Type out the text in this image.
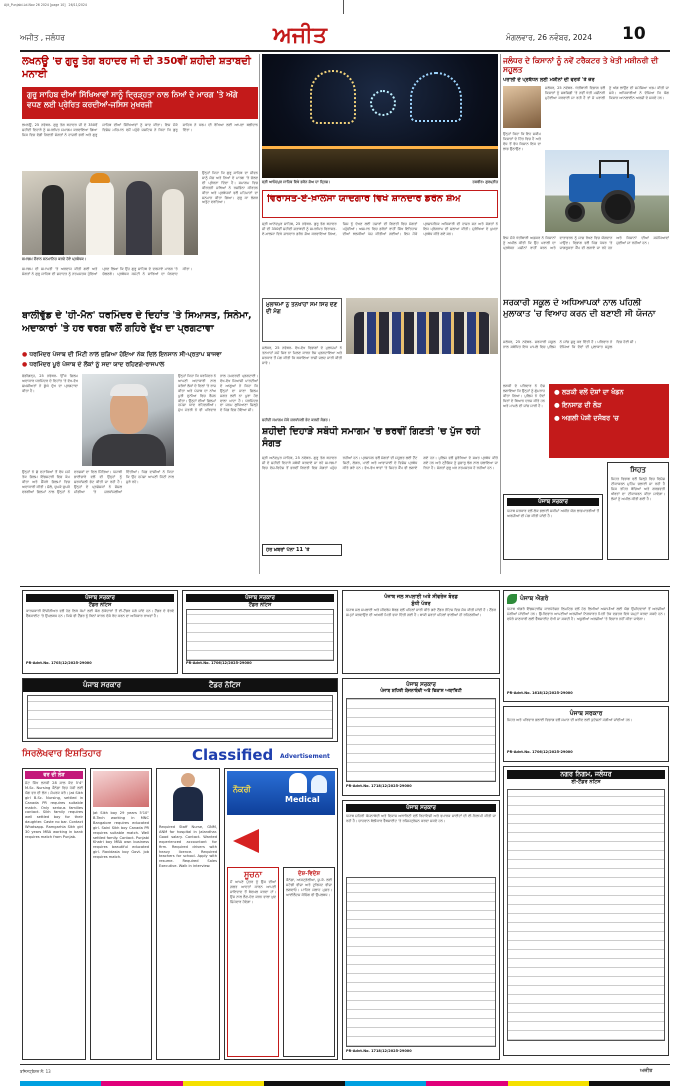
Ajit_Punjabi-Ld-Nov 26 2024 [page 10] 26/11/2024
ਅਜੀਤ , ਜਲੰਧਰ	ਅਜੀਤ	ਮੰਗਲਵਾਰ, 26 ਨਵੰਬਰ, 2024 10
ਲਖਨਊ 'ਚ ਗੁਰੂ ਤੇਗ ਬਹਾਦਰ ਜੀ ਦੀ 350ਵੀਂ ਸ਼ਹੀਦੀ ਸ਼ਤਾਬਦੀ ਮਨਾਈ
ਗੁਰੂ ਸਾਹਿਬ ਦੀਆਂ ਸਿੱਖਿਆਵਾਂ ਸਾਨੂੰ ਦ੍ਰਿੜ੍ਹਤਾ ਨਾਲ ਨਿਆਂ ਦੇ ਮਾਰਗ 'ਤੇ ਅੱਗੇ ਵਧਣ ਲਈ ਪ੍ਰੇਰਿਤ ਕਰਦੀਆਂ-ਜਸਿਸ ਮੁਖਰਜੀ
ਲਖਨਊ, 25 ਨਵੰਬਰ- ਗੁਰੂ ਤੇਗ ਬਹਾਦਰ ਜੀ ਦੇ 350ਵੇਂ ਸ਼ਹੀਦੀ ਦਿਹਾੜੇ ਨੂੰ ਸਮਰਪਿਤ ਸਮਾਗਮ ਕਰਵਾਇਆ ਗਿਆ ਜਿਸ ਵਿਚ ਵੱਡੀ ਗਿਣਤੀ ਸੰਗਤਾਂ ਨੇ ਹਾਜ਼ਰੀ ਭਰੀ ਅਤੇ ਗੁਰੂ ਸਾਹਿਬ ਦੀਆਂ ਸਿੱਖਿਆਵਾਂ ਨੂੰ ਯਾਦ ਕੀਤਾ। ਇਸ ਮੌਕੇ ਵਿਸ਼ੇਸ਼ ਮਹਿਮਾਨ ਵਜੋਂ ਪਹੁੰਚੇ ਜਸਟਿਸ ਨੇ ਕਿਹਾ ਕਿ ਗੁਰੂ ਸਾਹਿਬ ਨੇ ਧਰਮ ਦੀ ਰੱਖਿਆ ਲਈ ਆਪਣਾ ਬਲੀਦਾਨ ਦਿੱਤਾ।
ਉਨ੍ਹਾਂ ਕਿਹਾ ਕਿ ਗੁਰੂ ਸਾਹਿਬ ਦਾ ਜੀਵਨ ਸਾਨੂੰ ਸੱਚ ਅਤੇ ਨਿਆਂ ਦੇ ਮਾਰਗ 'ਤੇ ਚੱਲਣ ਦੀ ਪ੍ਰੇਰਨਾ ਦਿੰਦਾ ਹੈ। ਸਮਾਗਮ ਵਿਚ ਕੀਰਤਨੀ ਜਥਿਆਂ ਨੇ ਰਸਭਿੰਨਾ ਕੀਰਤਨ ਕੀਤਾ ਅਤੇ ਪ੍ਰਬੰਧਕਾਂ ਵਲੋਂ ਮਹਿਮਾਨਾਂ ਦਾ ਸਨਮਾਨ ਕੀਤਾ ਗਿਆ। ਗੁਰੂ ਕਾ ਲੰਗਰ ਅਤੁੱਟ ਵਰਤਿਆ।
ਸਮਾਗਮ ਦੌਰਾਨ ਸਨਮਾਨਿਤ ਕਰਦੇ ਹੋਏ ਪ੍ਰਬੰਧਕ।
ਸਮਾਗਮ ਦੀ ਸਮਾਪਤੀ 'ਤੇ ਅਰਦਾਸ ਕੀਤੀ ਗਈ ਅਤੇ ਸੰਗਤਾਂ ਨੇ ਗੁਰੂ ਸਾਹਿਬ ਦੀ ਸ਼ਹਾਦਤ ਨੂੰ ਨਤਮਸਤਕ ਹੁੰਦਿਆਂ ਪ੍ਰਣ ਲਿਆ ਕਿ ਉਹ ਗੁਰੂ ਸਾਹਿਬ ਦੇ ਦਰਸਾਏ ਮਾਰਗ 'ਤੇ ਚੱਲਣਗੇ। ਪ੍ਰਬੰਧਕ ਕਮੇਟੀ ਨੇ ਸਾਰਿਆਂ ਦਾ ਧੰਨਵਾਦ ਕੀਤਾ।
ਸ੍ਰੀ ਆਨੰਦਪੁਰ ਸਾਹਿਬ ਵਿਖੇ ਡਰੋਨ ਸ਼ੋਅ ਦਾ ਦ੍ਰਿਸ਼।	ਤਸਵੀਰ: ਗੁਰਪ੍ਰੀਤ
ਵਿਰਾਸਤ-ਏ-ਖ਼ਾਲਸਾ ਯਾਦਗਾਰ ਵਿਖੇ ਸ਼ਾਨਦਾਰ ਡਰੋਨ ਸ਼ੋਅ
ਸ੍ਰੀ ਆਨੰਦਪੁਰ ਸਾਹਿਬ, 25 ਨਵੰਬਰ- ਗੁਰੂ ਤੇਗ ਬਹਾਦਰ ਜੀ ਦੀ 350ਵੀਂ ਸ਼ਹੀਦੀ ਸ਼ਤਾਬਦੀ ਨੂੰ ਸਮਰਪਿਤ ਵਿਰਾਸਤ-ਏ-ਖ਼ਾਲਸਾ ਵਿਖੇ ਸ਼ਾਨਦਾਰ ਡਰੋਨ ਸ਼ੋਅ ਕਰਵਾਇਆ ਗਿਆ, ਜਿਸ ਨੂੰ ਦੇਖਣ ਲਈ ਹਜ਼ਾਰਾਂ ਦੀ ਗਿਣਤੀ ਵਿਚ ਸੰਗਤਾਂ ਪਹੁੰਚੀਆਂ। ਅਸਮਾਨ ਵਿਚ ਡਰੋਨਾਂ ਰਾਹੀਂ ਸਿੱਖ ਇਤਿਹਾਸ ਦੀਆਂ ਝਲਕੀਆਂ ਪੇਸ਼ ਕੀਤੀਆਂ ਗਈਆਂ। ਇਸ ਮੌਕੇ ਪ੍ਰਸ਼ਾਸਨਿਕ ਅਧਿਕਾਰੀ ਵੀ ਹਾਜ਼ਰ ਸਨ ਅਤੇ ਸੰਗਤਾਂ ਨੇ ਇਸ ਪ੍ਰੋਗਰਾਮ ਦੀ ਸ਼ਲਾਘਾ ਕੀਤੀ। ਸੁਰੱਖਿਆ ਦੇ ਪੁਖ਼ਤਾ ਪ੍ਰਬੰਧ ਕੀਤੇ ਗਏ ਸਨ।
ਜਲੰਧਰ ਦੇ ਕਿਸਾਨਾਂ ਨੂੰ ਨਵੇਂ ਟਰੈਕਟਰ ਤੇ ਖੇਤੀ ਮਸ਼ੀਨਰੀ ਦੀ ਸਹੂਲਤ
ਪਰਾਲੀ ਦੇ ਪ੍ਰਬੰਧਨ ਲਈ ਮਸ਼ੀਨਾਂ ਦੀ ਵਰਤੋਂ 'ਤੇ ਜ਼ੋਰ
ਜਲੰਧਰ, 25 ਨਵੰਬਰ- ਖੇਤੀਬਾੜੀ ਵਿਭਾਗ ਵਲੋਂ ਕਿਸਾਨਾਂ ਨੂੰ ਸਬਸਿਡੀ 'ਤੇ ਨਵੀਂ ਖੇਤੀ ਮਸ਼ੀਨਰੀ ਮੁਹੱਈਆ ਕਰਵਾਈ ਜਾ ਰਹੀ ਹੈ ਤਾਂ ਜੋ ਪਰਾਲੀ ਨੂੰ ਅੱਗ ਲਾਉਣ ਦੀ ਸਮੱਸਿਆ ਖਤਮ ਕੀਤੀ ਜਾ ਸਕੇ। ਅਧਿਕਾਰੀਆਂ ਨੇ ਦੱਸਿਆ ਕਿ ਯੋਗ ਕਿਸਾਨ ਆਨਲਾਈਨ ਅਰਜ਼ੀ ਦੇ ਸਕਦੇ ਹਨ।
ਉਨ੍ਹਾਂ ਕਿਹਾ ਕਿ ਇਹ ਸਕੀਮ ਕਿਸਾਨਾਂ ਦੇ ਹਿੱਤ ਵਿਚ ਹੈ ਅਤੇ ਵੱਧ ਤੋਂ ਵੱਧ ਕਿਸਾਨ ਇਸ ਦਾ ਲਾਭ ਉਠਾਉਣ।
ਇਸ ਮੌਕੇ ਖੇਤੀਬਾੜੀ ਅਫ਼ਸਰ ਨੇ ਕਿਸਾਨਾਂ ਨੂੰ ਅਪੀਲ ਕੀਤੀ ਕਿ ਉਹ ਪਰਾਲੀ ਦਾ ਪ੍ਰਬੰਧਨ ਮਸ਼ੀਨਾਂ ਰਾਹੀਂ ਕਰਨ ਅਤੇ ਵਾਤਾਵਰਨ ਨੂੰ ਸਾਫ਼ ਰੱਖਣ ਵਿਚ ਯੋਗਦਾਨ ਪਾਉਣ। ਵਿਭਾਗ ਵਲੋਂ ਪਿੰਡ ਪੱਧਰ 'ਤੇ ਜਾਗਰੂਕਤਾ ਕੈਂਪ ਵੀ ਲਗਾਏ ਜਾ ਰਹੇ ਹਨ ਅਤੇ ਕਿਸਾਨਾਂ ਦੀਆਂ ਸਮੱਸਿਆਵਾਂ ਸੁਣੀਆਂ ਜਾ ਰਹੀਆਂ ਹਨ।
ਬਾਲੀਵੁੱਡ ਦੇ 'ਹੀ-ਮੈਨ' ਧਰਮਿੰਦਰ ਦੇ ਦਿਹਾਂਤ 'ਤੇ ਸਿਆਸਤ, ਸਿਨੇਮਾ, ਅਦਾਕਾਰਾਂ 'ਤੇ ਹਰ ਵਰਗ ਵਲੋਂ ਗਹਿਰੇ ਦੁੱਖ ਦਾ ਪ੍ਰਗਟਾਵਾ
● ਧਰਮਿੰਦਰ ਪੰਜਾਬ ਦੀ ਮਿੱਟੀ ਨਾਲ ਜੁੜਿਆ ਹੋਇਆ ਨੇਕ ਦਿਲ ਇਨਸਾਨ ਸੀ-ਪ੍ਰਤਾਪ ਬਾਜਵਾ
● ਧਰਮਿੰਦਰ ਪੂਰੇ ਪੰਜਾਬ ਦੇ ਲੋਕਾਂ ਨੂੰ ਸਦਾ ਯਾਦ ਰਹਿਣਗੇ-ਰਾਜਪਾਲ
ਚੰਡੀਗੜ੍ਹ, 25 ਨਵੰਬਰ- ਉੱਘੇ ਫ਼ਿਲਮ ਅਦਾਕਾਰ ਧਰਮਿੰਦਰ ਦੇ ਦਿਹਾਂਤ 'ਤੇ ਵੱਖ-ਵੱਖ ਸ਼ਖ਼ਸੀਅਤਾਂ ਨੇ ਡੂੰਘੇ ਦੁੱਖ ਦਾ ਪ੍ਰਗਟਾਵਾ ਕੀਤਾ ਹੈ।
ਉਨ੍ਹਾਂ ਕਿਹਾ ਕਿ ਧਰਮਿੰਦਰ ਨੇ ਆਪਣੀ ਅਦਾਕਾਰੀ ਨਾਲ ਕਰੋੜਾਂ ਲੋਕਾਂ ਦੇ ਦਿਲਾਂ 'ਤੇ ਰਾਜ ਕੀਤਾ ਅਤੇ ਪੰਜਾਬ ਦਾ ਨਾਂਅ ਪੂਰੀ ਦੁਨੀਆ ਵਿਚ ਰੌਸ਼ਨ ਕੀਤਾ। ਉਨ੍ਹਾਂ ਦੀਆਂ ਫ਼ਿਲਮਾਂ ਹਮੇਸ਼ਾ ਯਾਦ ਰਹਿਣਗੀਆਂ। ਮੁੱਖ ਮੰਤਰੀ ਨੇ ਵੀ ਪਰਿਵਾਰ ਨਾਲ ਹਮਦਰਦੀ ਪ੍ਰਗਟਾਈ। ਵੱਖ-ਵੱਖ ਸਿਆਸੀ ਪਾਰਟੀਆਂ ਦੇ ਆਗੂਆਂ ਨੇ ਕਿਹਾ ਕਿ ਉਨ੍ਹਾਂ ਦਾ ਜਾਣਾ ਫ਼ਿਲਮ ਜਗਤ ਲਈ ਨਾ ਪੂਰਾ ਹੋਣ ਵਾਲਾ ਘਾਟਾ ਹੈ। ਧਰਮਿੰਦਰ ਦਾ ਜਨਮ ਲੁਧਿਆਣਾ ਜ਼ਿਲ੍ਹੇ ਦੇ ਪਿੰਡ ਵਿਚ ਹੋਇਆ ਸੀ।
ਉਨ੍ਹਾਂ ਨੇ ਛੇ ਦਹਾਕਿਆਂ ਤੋਂ ਵੱਧ ਸਮੇਂ ਤੱਕ ਫ਼ਿਲਮ ਇੰਡਸਟਰੀ ਵਿਚ ਕੰਮ ਕੀਤਾ ਅਤੇ ਸੈਂਕੜੇ ਫ਼ਿਲਮਾਂ ਵਿਚ ਅਦਾਕਾਰੀ ਕੀਤੀ। ਸ਼ੋਲੇ, ਚੁਪਕੇ ਚੁਪਕੇ ਵਰਗੀਆਂ ਫ਼ਿਲਮਾਂ ਨਾਲ ਉਨ੍ਹਾਂ ਨੇ ਦਰਸ਼ਕਾਂ ਦਾ ਦਿਲ ਜਿੱਤਿਆ। ਪੰਜਾਬੀ ਭਾਈਚਾਰੇ ਵਲੋਂ ਵੀ ਉਨ੍ਹਾਂ ਨੂੰ ਸ਼ਰਧਾਂਜਲੀ ਭੇਟ ਕੀਤੀ ਜਾ ਰਹੀ ਹੈ। ਉਨ੍ਹਾਂ ਦੇ ਪ੍ਰਸ਼ੰਸਕਾਂ ਨੇ ਸੋਸ਼ਲ ਮੀਡੀਆ 'ਤੇ ਸ਼ਰਧਾਂਜਲੀਆਂ ਦਿੱਤੀਆਂ। ਪਿੰਡ ਵਾਸੀਆਂ ਨੇ ਕਿਹਾ ਕਿ ਉਹ ਹਮੇਸ਼ਾ ਆਪਣੀ ਮਿੱਟੀ ਨਾਲ ਜੁੜੇ ਰਹੇ।
ਮੁਲਾਜ਼ਮਾਂ ਨੂੰ ਤਨਖਾਹਾਂ ਸਮੇਂ ਸਿਰ ਦੇਣ ਦੀ ਮੰਗ
ਜਲੰਧਰ, 25 ਨਵੰਬਰ- ਵੱਖ-ਵੱਖ ਵਿਭਾਗਾਂ ਦੇ ਮੁਲਾਜ਼ਮਾਂ ਨੇ ਤਨਖਾਹਾਂ ਸਮੇਂ ਸਿਰ ਨਾ ਮਿਲਣ ਕਾਰਨ ਰੋਸ ਪ੍ਰਗਟਾਇਆ ਅਤੇ ਸਰਕਾਰ ਤੋਂ ਮੰਗ ਕੀਤੀ ਕਿ ਬਕਾਇਆ ਰਾਸ਼ੀ ਜਲਦ ਜਾਰੀ ਕੀਤੀ ਜਾਵੇ।
ਸ਼ਹੀਦੀ ਸਮਾਗਮ ਮੌਕੇ ਸ਼ਰਧਾਂਜਲੀ ਭੇਟ ਕਰਦੀ ਸੰਗਤ।
ਸ਼ਹੀਦੀ ਦਿਹਾੜੇ ਸਬੰਧੀ ਸਮਾਗਮ 'ਚ ਭਰਵੀਂ ਗਿਣਤੀ 'ਚ ਪੁੱਜ ਰਹੀ ਸੰਗਤ
ਸ੍ਰੀ ਅਨੰਦਪੁਰ ਸਾਹਿਬ, 25 ਨਵੰਬਰ- ਗੁਰੂ ਤੇਗ ਬਹਾਦਰ ਜੀ ਦੇ ਸ਼ਹੀਦੀ ਦਿਹਾੜੇ ਸਬੰਧੀ ਕਰਵਾਏ ਜਾ ਰਹੇ ਸਮਾਗਮਾਂ ਵਿਚ ਦੇਸ਼-ਵਿਦੇਸ਼ ਤੋਂ ਭਰਵੀਂ ਗਿਣਤੀ ਵਿਚ ਸੰਗਤਾਂ ਪਹੁੰਚ ਰਹੀਆਂ ਹਨ। ਪ੍ਰਸ਼ਾਸਨ ਵਲੋਂ ਸੰਗਤਾਂ ਦੀ ਸਹੂਲਤ ਲਈ ਟੈਂਟ ਸਿਟੀ, ਲੰਗਰ, ਪਾਣੀ ਅਤੇ ਆਵਾਜਾਈ ਦੇ ਵਿਸ਼ੇਸ਼ ਪ੍ਰਬੰਧ ਕੀਤੇ ਗਏ ਹਨ। ਵੱਖ-ਵੱਖ ਥਾਵਾਂ 'ਤੇ ਸਿਹਤ ਕੈਂਪ ਵੀ ਲਗਾਏ ਗਏ ਹਨ। ਪੁਲਿਸ ਵਲੋਂ ਸੁਰੱਖਿਆ ਦੇ ਸਖ਼ਤ ਪ੍ਰਬੰਧ ਕੀਤੇ ਗਏ ਹਨ ਅਤੇ ਟ੍ਰੈਫ਼ਿਕ ਨੂੰ ਸੁਚਾਰੂ ਢੰਗ ਨਾਲ ਚਲਾਇਆ ਜਾ ਰਿਹਾ ਹੈ। ਸੰਗਤਾਂ ਗੁਰੂ ਘਰ ਨਤਮਸਤਕ ਹੋ ਰਹੀਆਂ ਹਨ।
ਹੋਰ ਖ਼ਬਰਾਂ ਪੰਨਾ 11 'ਤੇ
ਸਰਕਾਰੀ ਸਕੂਲ ਦੇ ਅਧਿਆਪਕਾਂ ਨਾਲ ਪਹਿਲੀ ਮੁਲਾਕਾਤ 'ਚ ਵਿਆਹ ਕਰਨ ਦੀ ਬਣਾਈ ਸੀ ਯੋਜਨਾ
ਜਲੰਧਰ, 25 ਨਵੰਬਰ- ਸਰਕਾਰੀ ਸਕੂਲ ਨਾਲ ਸਬੰਧਿਤ ਇਕ ਮਾਮਲੇ ਵਿਚ ਪੁਲਿਸ ਨੇ ਜਾਂਚ ਸ਼ੁਰੂ ਕਰ ਦਿੱਤੀ ਹੈ। ਪਰਿਵਾਰ ਨੇ ਦੱਸਿਆ ਕਿ ਦੋਵਾਂ ਦੀ ਮੁਲਾਕਾਤ ਸਕੂਲ ਵਿਚ ਹੋਈ ਸੀ।
● ਲੜਕੀ ਵਲੋਂ ਦੋਸ਼ਾਂ ਦਾ ਖੰਡਨ
● ਇਨਸਾਫ਼ ਦੀ ਲੋੜ
● ਅਗਲੀ ਪੇਸ਼ੀ ਦਸੰਬਰ 'ਚ
ਲੜਕੀ ਦੇ ਪਰਿਵਾਰ ਨੇ ਦੋਸ਼ ਲਗਾਇਆ ਕਿ ਉਨ੍ਹਾਂ ਨੂੰ ਗੁੰਮਰਾਹ ਕੀਤਾ ਗਿਆ। ਪੁਲਿਸ ਨੇ ਦੋਵਾਂ ਧਿਰਾਂ ਦੇ ਬਿਆਨ ਦਰਜ ਕੀਤੇ ਹਨ ਅਤੇ ਮਾਮਲੇ ਦੀ ਜਾਂਚ ਜਾਰੀ ਹੈ।
ਪੰਜਾਬ ਸਰਕਾਰ
ਪੰਜਾਬ ਸਰਕਾਰ ਵਲੋਂ ਲੋਕ ਭਲਾਈ ਸਕੀਮਾਂ ਅਧੀਨ ਯੋਗ ਲਾਭਪਾਤਰੀਆਂ ਤੋਂ ਅਰਜ਼ੀਆਂ ਦੀ ਮੰਗ ਕੀਤੀ ਜਾਂਦੀ ਹੈ।
ਸਿਹਤ
ਸਿਹਤ ਵਿਭਾਗ ਵਲੋਂ ਜ਼ਿਲ੍ਹੇ ਵਿਚ ਵਿਸ਼ੇਸ਼ ਟੀਕਾਕਰਨ ਮੁਹਿੰਮ ਚਲਾਈ ਜਾ ਰਹੀ ਹੈ ਜਿਸ ਤਹਿਤ ਬੱਚਿਆਂ ਅਤੇ ਗਰਭਵਤੀ ਔਰਤਾਂ ਦਾ ਟੀਕਾਕਰਨ ਕੀਤਾ ਜਾਵੇਗਾ। ਲੋਕਾਂ ਨੂੰ ਅਪੀਲ ਕੀਤੀ ਗਈ ਹੈ।
ਪੰਜਾਬ ਸਰਕਾਰ
ਟੈਂਡਰ ਨੋਟਿਸ
ਕਾਰਜਕਾਰੀ ਇੰਜੀਨੀਅਰ ਵਲੋਂ ਹੇਠ ਲਿਖੇ ਕੰਮਾਂ ਲਈ ਯੋਗ ਠੇਕੇਦਾਰਾਂ ਤੋਂ ਈ-ਟੈਂਡਰ ਮੰਗੇ ਜਾਂਦੇ ਹਨ। ਟੈਂਡਰ ਦੇ ਵੇਰਵੇ ਵੈੱਬਸਾਈਟ 'ਤੇ ਉਪਲਬਧ ਹਨ। ਕਿਸੇ ਵੀ ਟੈਂਡਰ ਨੂੰ ਬਿਨਾਂ ਕਾਰਨ ਦੱਸੇ ਰੱਦ ਕਰਨ ਦਾ ਅਧਿਕਾਰ ਰਾਖਵਾਂ ਹੈ।
PR-Advt.No. 1703/12/2025-29000
ਪੰਜਾਬ ਸਰਕਾਰ
ਟੈਂਡਰ ਨੋਟਿਸ
PR-Advt.No. 1706/12/2025-29000
ਪੰਜਾਬ ਜਲ ਸਪਲਾਈ ਅਤੇ ਸੀਵਰੇਜ ਬੋਰਡ
ਸ਼ੁੱਧੀ ਪੱਤਰ
ਪੰਜਾਬ ਜਲ ਸਪਲਾਈ ਅਤੇ ਸੀਵਰੇਜ ਬੋਰਡ ਵਲੋਂ ਪਹਿਲਾਂ ਜਾਰੀ ਕੀਤੇ ਗਏ ਟੈਂਡਰ ਨੋਟਿਸ ਵਿਚ ਸੋਧ ਕੀਤੀ ਜਾਂਦੀ ਹੈ। ਟੈਂਡਰ ਜਮ੍ਹਾਂ ਕਰਵਾਉਣ ਦੀ ਆਖ਼ਰੀ ਮਿਤੀ ਵਧਾ ਦਿੱਤੀ ਗਈ ਹੈ। ਬਾਕੀ ਸ਼ਰਤਾਂ ਪਹਿਲਾਂ ਵਾਲੀਆਂ ਹੀ ਰਹਿਣਗੀਆਂ।
ਪੰਜਾਬ ਐਗਰੋ
ਪੰਜਾਬ ਐਗਰੋ ਇੰਡਸਟਰੀਜ਼ ਕਾਰਪੋਰੇਸ਼ਨ ਲਿਮਟਿਡ ਵਲੋਂ ਹੇਠ ਲਿਖੀਆਂ ਅਸਾਮੀਆਂ ਲਈ ਯੋਗ ਉਮੀਦਵਾਰਾਂ ਤੋਂ ਅਰਜ਼ੀਆਂ ਮੰਗੀਆਂ ਜਾਂਦੀਆਂ ਹਨ। ਉਮੀਦਵਾਰ ਆਪਣੀਆਂ ਅਰਜ਼ੀਆਂ ਨਿਰਧਾਰਤ ਮਿਤੀ ਤੱਕ ਦਫ਼ਤਰ ਵਿਖੇ ਜਮ੍ਹਾਂ ਕਰਵਾ ਸਕਦੇ ਹਨ। ਵਧੇਰੇ ਜਾਣਕਾਰੀ ਲਈ ਵੈੱਬਸਾਈਟ ਦੇਖੀ ਜਾ ਸਕਦੀ ਹੈ। ਅਧੂਰੀਆਂ ਅਰਜ਼ੀਆਂ 'ਤੇ ਵਿਚਾਰ ਨਹੀਂ ਕੀਤਾ ਜਾਵੇਗਾ।
PR-Advt.No. 1618/12/2025-29000
ਪੰਜਾਬ ਸਰਕਾਰ	ਟੈਂਡਰ ਨੋਟਿਸ	ਪੰਜਾਬ ਸਰਕਾਰ
ਪੰਜਾਬ ਸ਼ਹਿਰੀ ਯੋਜਨਾਬੰਦੀ ਅਤੇ ਵਿਕਾਸ ਅਥਾਰਿਟੀ
PR-Advt.No. 1718/12/2025-29000
ਪੰਜਾਬ ਸਰਕਾਰ
ਸਿਹਤ ਅਤੇ ਪਰਿਵਾਰ ਭਲਾਈ ਵਿਭਾਗ ਵਲੋਂ ਸਮਾਨ ਦੀ ਖ਼ਰੀਦ ਲਈ ਕੁਟੇਸ਼ਨਾਂ ਮੰਗੀਆਂ ਜਾਂਦੀਆਂ ਹਨ।
PR-Advt.No. 1706/12/2025-29000
ਨਗਰ ਨਿਗਮ, ਜਲੰਧਰ
ਈ-ਟੈਂਡਰ ਨੋਟਿਸ
ਸਿਰਲੇਖਵਾਰ ਇਸ਼ਤਿਹਾਰ	Classified Advertisement
ਵਰ ਦੀ ਲੋੜ
ਜੱਟ ਸਿੱਖ ਲੜਕੀ 28 ਸਾਲ ਕੱਦ 5'4" M.Sc. Nursing ਕੈਨੇਡਾ ਵਿਚ ਪੱਕੀ ਲਈ ਯੋਗ ਵਰ ਦੀ ਲੋੜ। ਸੰਪਰਕ ਕਰੋ। Jat Sikh girl B.Sc. Nursing, settled in Canada PR requires suitable match. Only serious families contact. Sikh family requires well settled boy for their daughter. Caste no bar. Contact Whatsapp. Ramgarhia Sikh girl 30 years MBA working in bank requires match from Punjab.
Jat Sikh boy 29 years 5'10" B.Tech working in MNC Bangalore requires educated girl. Saini Sikh boy Canada PR requires suitable match. Well settled family. Contact. Punjabi Khatri boy MBA own business requires beautiful educated girl. Ravidasia boy Govt. job requires match.
Required Staff Nurse, GNM, ANM for hospital in Jalandhar. Good salary. Contact. Wanted experienced accountant for firm. Required drivers with heavy licence. Required teachers for school. Apply with resume. Required Sales Executive. Walk in interview.
Medical
ਨੌਕਰੀ
ਸੂਚਨਾ
ਮੈਂ ਆਪਣੇ ਪੁੱਤਰ ਨੂੰ ਉਸ ਦੀਆਂ ਗ਼ਲਤ ਆਦਤਾਂ ਕਾਰਨ ਆਪਣੀ ਜਾਇਦਾਦ ਤੋਂ ਬੇਦਖ਼ਲ ਕਰਦਾ ਹਾਂ। ਉਸ ਨਾਲ ਲੈਣ-ਦੇਣ ਕਰਨ ਵਾਲਾ ਖ਼ੁਦ ਜ਼ਿੰਮੇਵਾਰ ਹੋਵੇਗਾ।
ਦੇਸ਼-ਵਿਦੇਸ਼
ਕੈਨੇਡਾ, ਆਸਟ੍ਰੇਲੀਆ, ਯੂ.ਕੇ. ਲਈ ਸਟੱਡੀ ਵੀਜ਼ਾ ਅਤੇ ਟੂਰਿਸਟ ਵੀਜ਼ਾ ਲਗਵਾਓ। ਮਾਹਿਰ ਸਲਾਹ ਮੁਫ਼ਤ। ਆਈਲੈਟਸ ਕੋਚਿੰਗ ਵੀ ਉਪਲਬਧ।
ਪੰਜਾਬ ਸਰਕਾਰ
ਪੰਜਾਬ ਸ਼ਹਿਰੀ ਯੋਜਨਾਬੰਦੀ ਅਤੇ ਵਿਕਾਸ ਅਥਾਰਿਟੀ ਵਲੋਂ ਰਿਹਾਇਸ਼ੀ ਅਤੇ ਵਪਾਰਕ ਸਾਈਟਾਂ ਦੀ ਈ-ਨਿਲਾਮੀ ਕੀਤੀ ਜਾ ਰਹੀ ਹੈ। ਚਾਹਵਾਨ ਬੋਲੀਕਾਰ ਵੈੱਬਸਾਈਟ 'ਤੇ ਰਜਿਸਟ੍ਰੇਸ਼ਨ ਕਰਵਾ ਸਕਦੇ ਹਨ।
PR-Advt.No. 1718/12/2025-29000
ਰਜਿਸਟ੍ਰੇਸ਼ਨ ਨੰ: 13	ਅਜੀਤ
